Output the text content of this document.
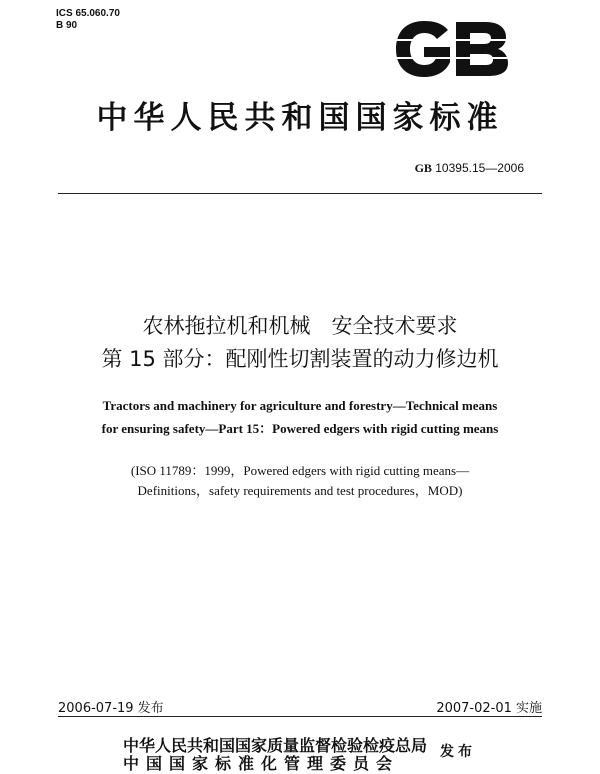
ICS 65.060.70
B 90
中华人民共和国国家标准
GB 10395.15—2006
农林拖拉机和机械　安全技术要求
第 15 部分：配刚性切割装置的动力修边机
Tractors and machinery for agriculture and forestry—Technical means
for ensuring safety—Part 15：Powered edgers with rigid cutting means
(ISO 11789：1999，Powered edgers with rigid cutting means—
Definitions，safety requirements and test procedures，MOD)
2006-07-19 发布	2007-02-01 实施
中华人民共和国国家质量监督检验检疫总局
中国国家标准化管理委员会
发布
